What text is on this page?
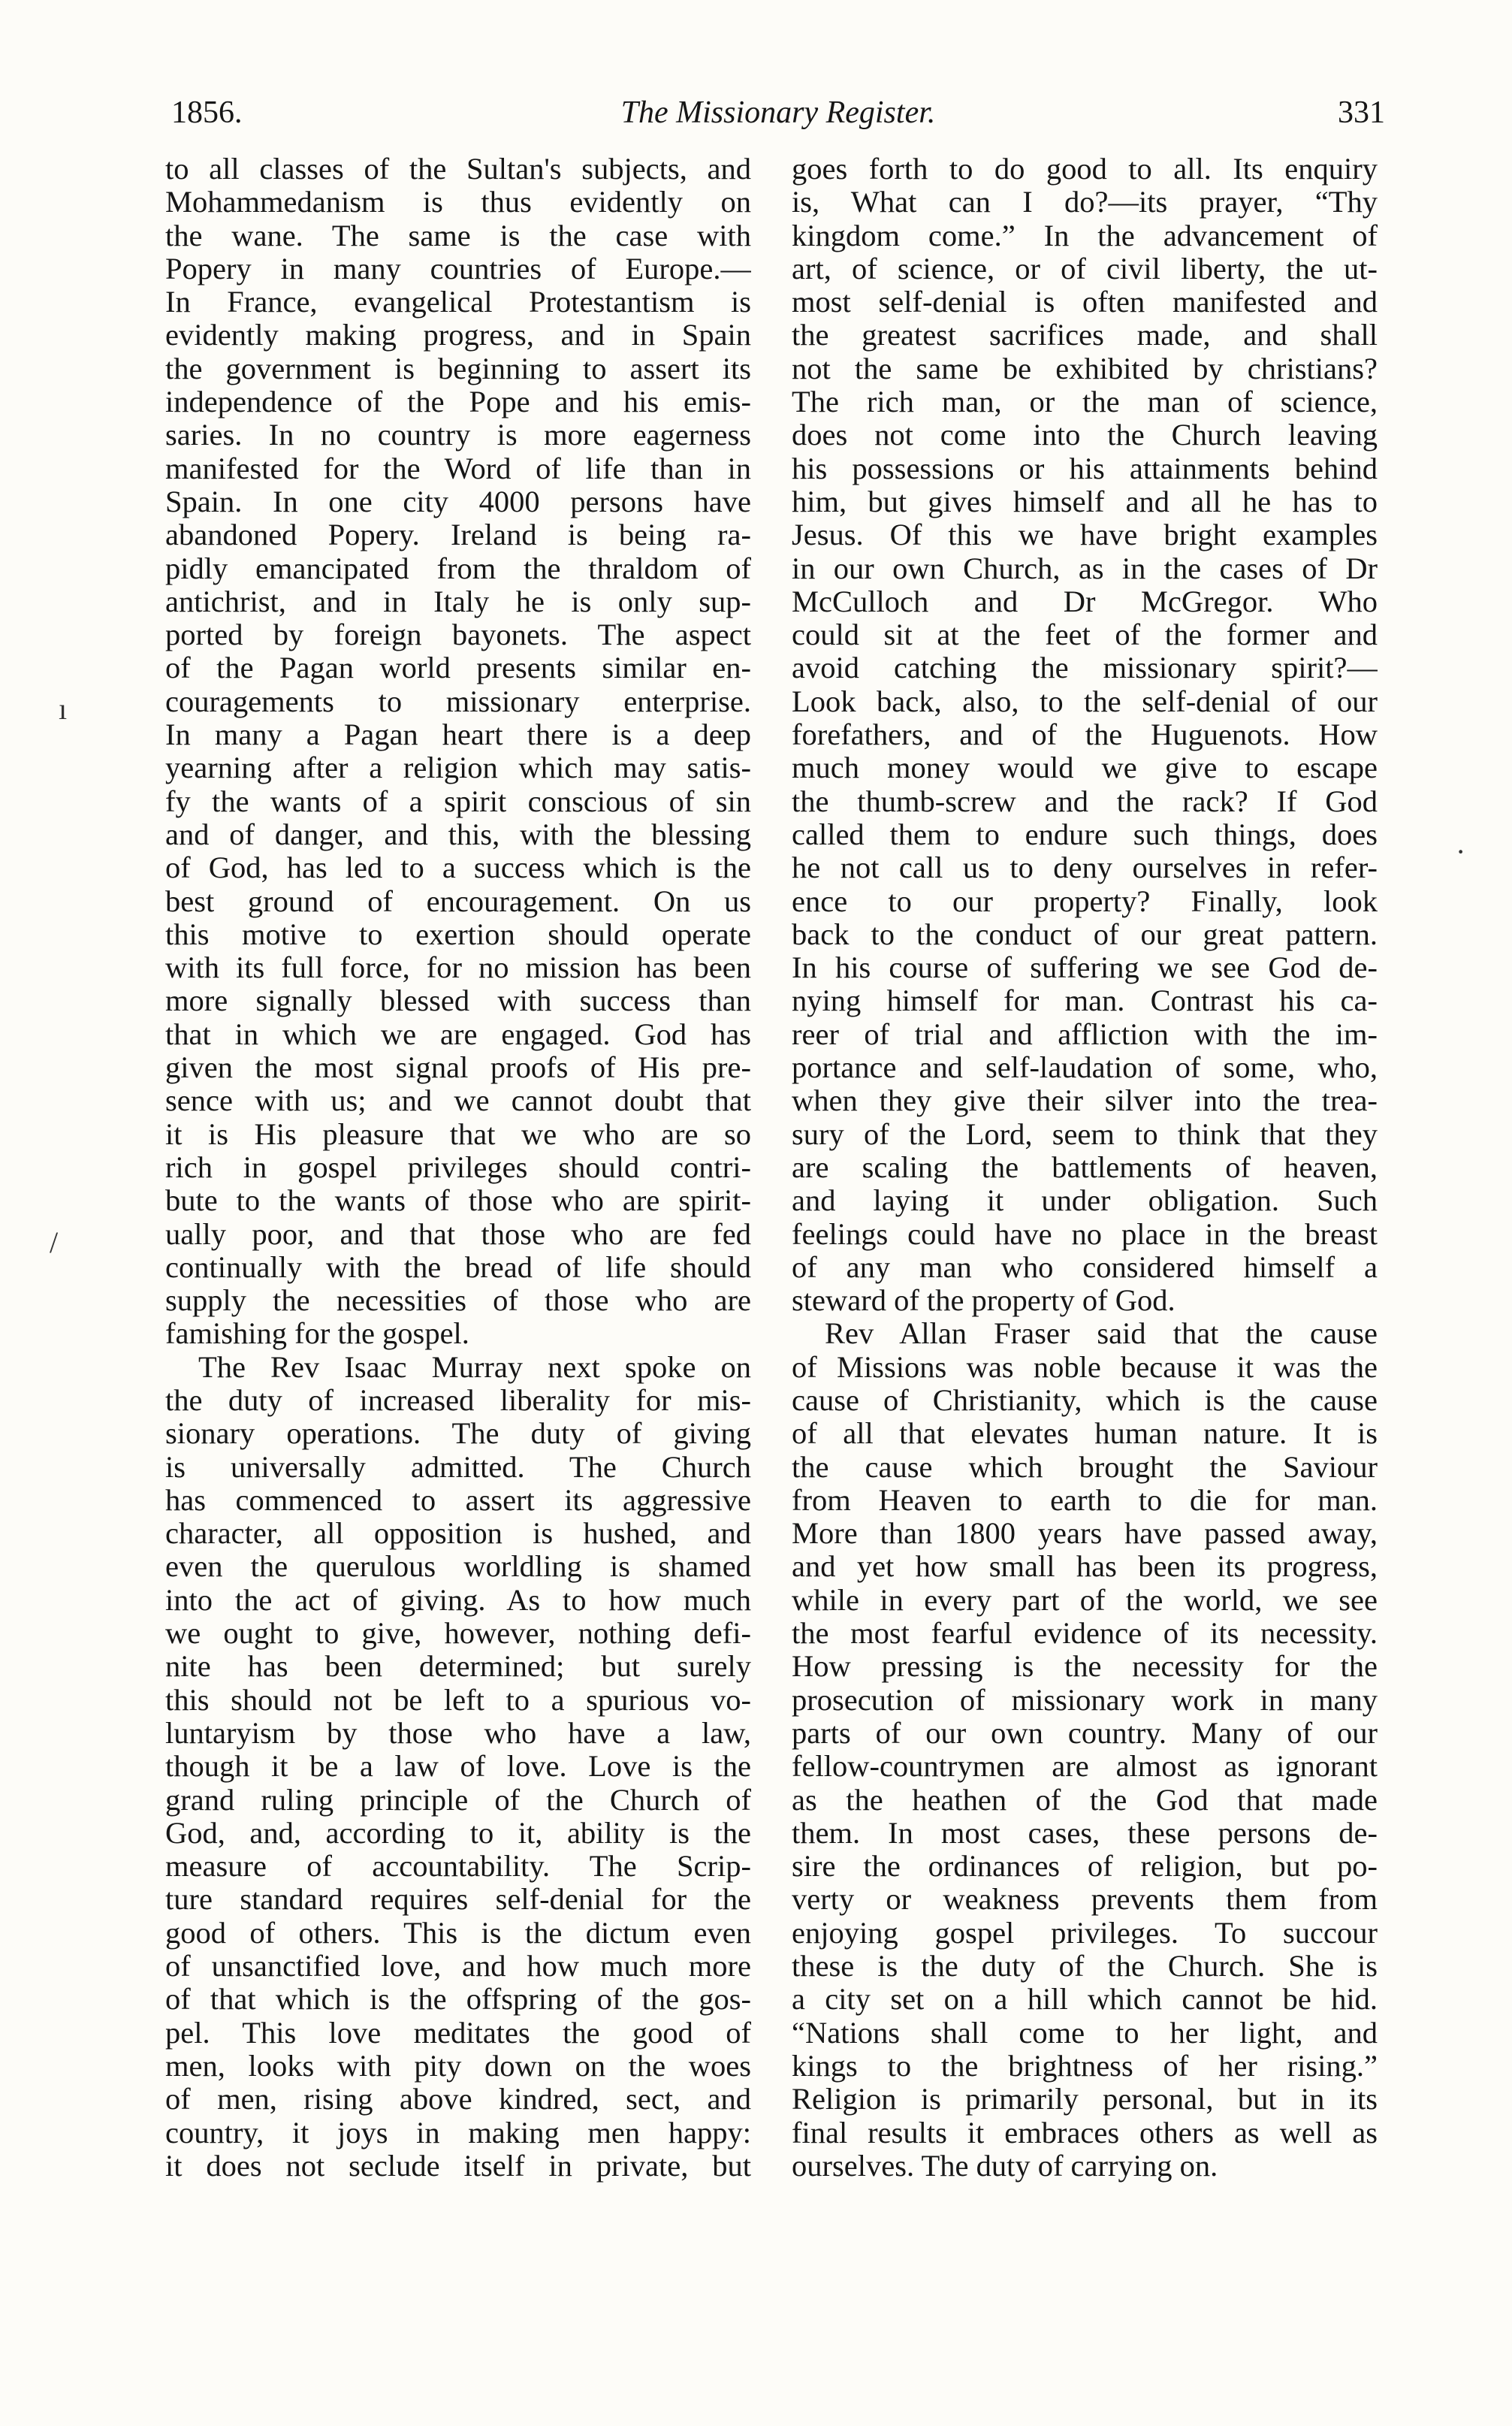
1856.	The Missionary Register.	331
to all classes of the Sultan's subjects, and
Mohammedanism is thus evidently on
the wane. The same is the case with
Popery in many countries of Europe.—
In France, evangelical Protestantism is
evidently making progress, and in Spain
the government is beginning to assert its
independence of the Pope and his emis-
saries. In no country is more eagerness
manifested for the Word of life than in
Spain. In one city 4000 persons have
abandoned Popery. Ireland is being ra-
pidly emancipated from the thraldom of
antichrist, and in Italy he is only sup-
ported by foreign bayonets. The aspect
of the Pagan world presents similar en-
couragements to missionary enterprise.
In many a Pagan heart there is a deep
yearning after a religion which may satis-
fy the wants of a spirit conscious of sin
and of danger, and this, with the blessing
of God, has led to a success which is the
best ground of encouragement. On us
this motive to exertion should operate
with its full force, for no mission has been
more signally blessed with success than
that in which we are engaged. God has
given the most signal proofs of His pre-
sence with us; and we cannot doubt that
it is His pleasure that we who are so
rich in gospel privileges should contri-
bute to the wants of those who are spirit-
ually poor, and that those who are fed
continually with the bread of life should
supply the necessities of those who are
famishing for the gospel.
The Rev Isaac Murray next spoke on
the duty of increased liberality for mis-
sionary operations. The duty of giving
is universally admitted. The Church
has commenced to assert its aggressive
character, all opposition is hushed, and
even the querulous worldling is shamed
into the act of giving. As to how much
we ought to give, however, nothing defi-
nite has been determined; but surely
this should not be left to a spurious vo-
luntaryism by those who have a law,
though it be a law of love. Love is the
grand ruling principle of the Church of
God, and, according to it, ability is the
measure of accountability. The Scrip-
ture standard requires self-denial for the
good of others. This is the dictum even
of unsanctified love, and how much more
of that which is the offspring of the gos-
pel. This love meditates the good of
men, looks with pity down on the woes
of men, rising above kindred, sect, and
country, it joys in making men happy:
it does not seclude itself in private, but
goes forth to do good to all. Its enquiry
is, What can I do?—its prayer, “Thy
kingdom come.” In the advancement of
art, of science, or of civil liberty, the ut-
most self-denial is often manifested and
the greatest sacrifices made, and shall
not the same be exhibited by christians?
The rich man, or the man of science,
does not come into the Church leaving
his possessions or his attainments behind
him, but gives himself and all he has to
Jesus. Of this we have bright examples
in our own Church, as in the cases of Dr
McCulloch and Dr McGregor. Who
could sit at the feet of the former and
avoid catching the missionary spirit?—
Look back, also, to the self-denial of our
forefathers, and of the Huguenots. How
much money would we give to escape
the thumb-screw and the rack? If God
called them to endure such things, does
he not call us to deny ourselves in refer-
ence to our property? Finally, look
back to the conduct of our great pattern.
In his course of suffering we see God de-
nying himself for man. Contrast his ca-
reer of trial and affliction with the im-
portance and self-laudation of some, who,
when they give their silver into the trea-
sury of the Lord, seem to think that they
are scaling the battlements of heaven,
and laying it under obligation. Such
feelings could have no place in the breast
of any man who considered himself a
steward of the property of God.
Rev Allan Fraser said that the cause
of Missions was noble because it was the
cause of Christianity, which is the cause
of all that elevates human nature. It is
the cause which brought the Saviour
from Heaven to earth to die for man.
More than 1800 years have passed away,
and yet how small has been its progress,
while in every part of the world, we see
the most fearful evidence of its necessity.
How pressing is the necessity for the
prosecution of missionary work in many
parts of our own country. Many of our
fellow-countrymen are almost as ignorant
as the heathen of the God that made
them. In most cases, these persons de-
sire the ordinances of religion, but po-
verty or weakness prevents them from
enjoying gospel privileges. To succour
these is the duty of the Church. She is
a city set on a hill which cannot be hid.
“Nations shall come to her light, and
kings to the brightness of her rising.”
Religion is primarily personal, but in its
final results it embraces others as well as
ourselves. The duty of carrying on.
ı
/
·
